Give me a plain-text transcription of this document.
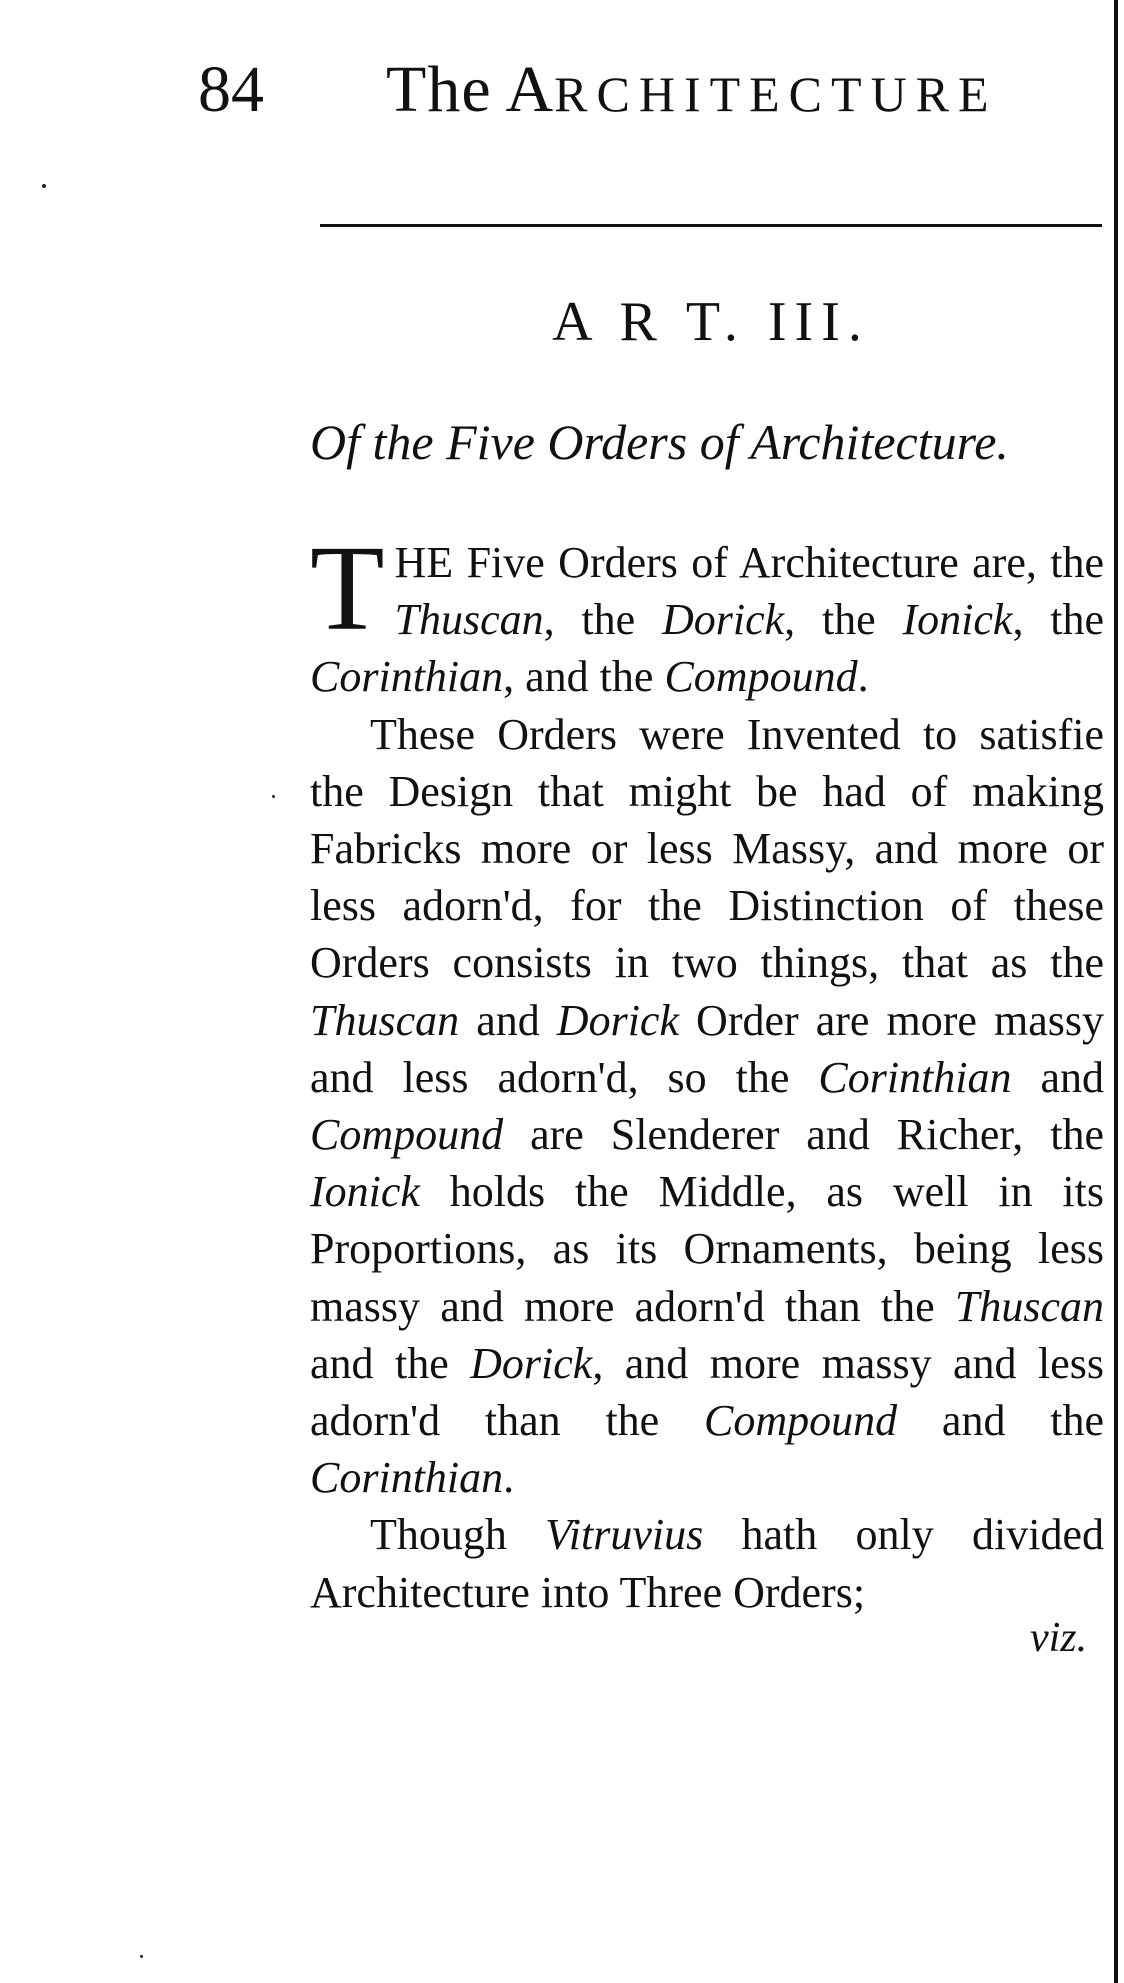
84 The ARCHITECTURE
A R T. III.
Of the Five Orders of Architecture.

THE Five Orders of Architecture are, the Thuscan, the Dorick, the Ionick, the Corinthian, and the Compound.

These Orders were Invented to satisfie the Design that might be had of making Fabricks more or less Massy, and more or less adorn'd, for the Distinction of these Orders consists in two things, that as the Thuscan and Dorick Order are more massy and less adorn'd, so the Corinthian and Compound are Slenderer and Richer, the Ionick holds the Middle, as well in its Proportions, as its Ornaments, being less massy and more adorn'd than the Thuscan and the Dorick, and more massy and less adorn'd than the Compound and the Corinthian.

Though Vitruvius hath only divided Architecture into Three Orders;

viz.
